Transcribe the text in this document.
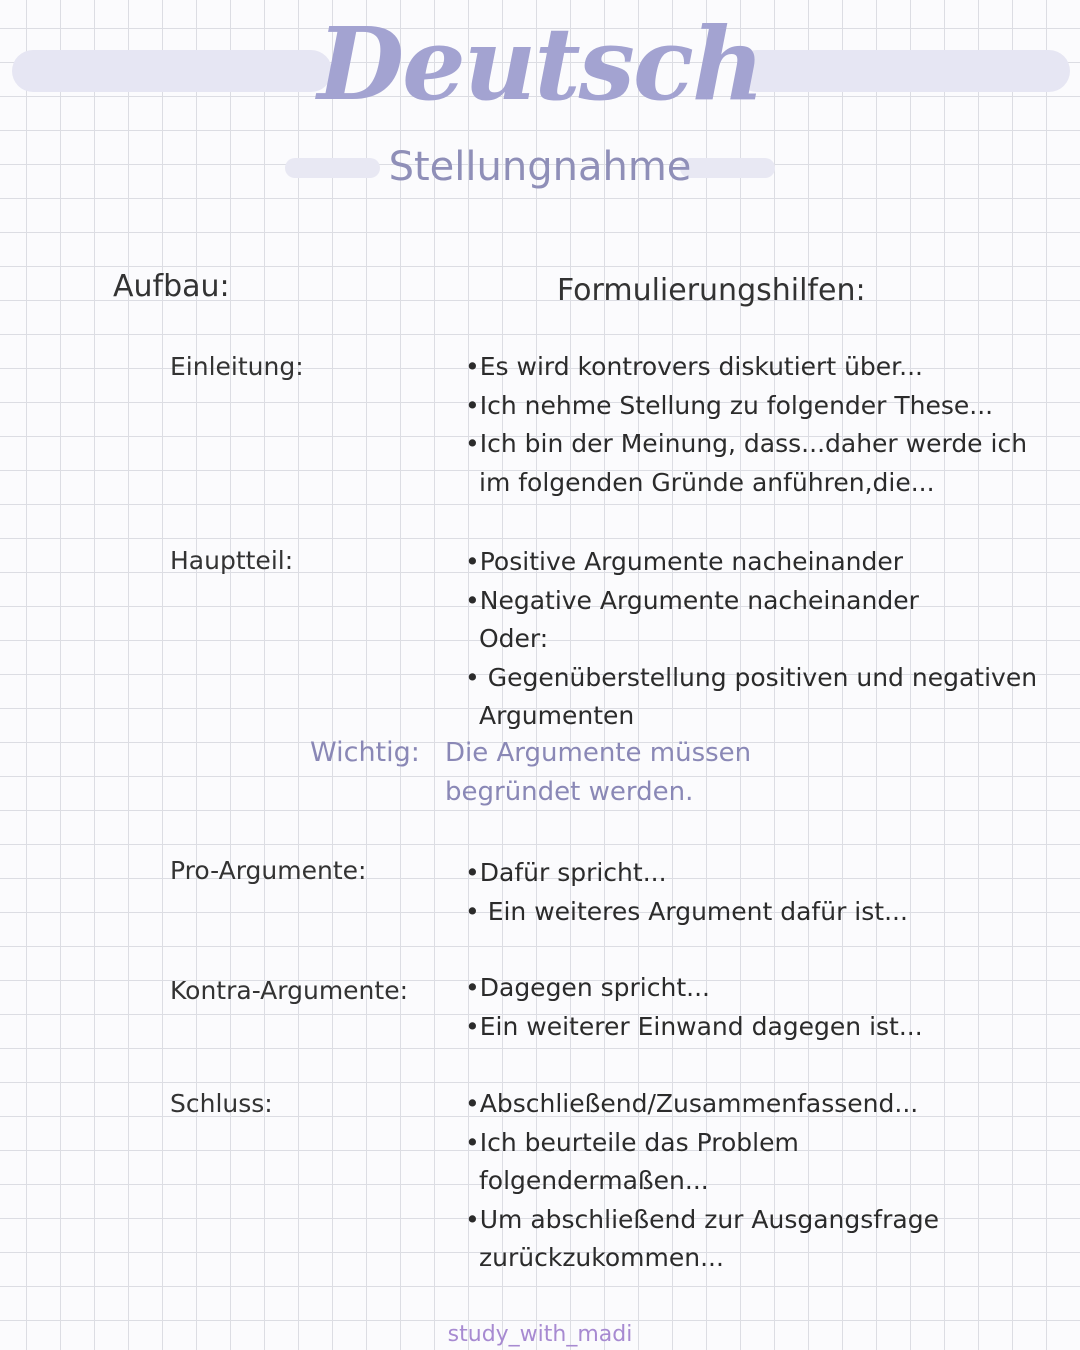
Deutsch
Stellungnahme
Aufbau:	Formulierungshilfen:
Einleitung:	•Es wird kontrovers diskutiert über...
•Ich nehme Stellung zu folgender These...
•Ich bin der Meinung, dass...daher werde ich
im folgenden Gründe anführen,die...
Hauptteil:	•Positive Argumente nacheinander
•Negative Argumente nacheinander
Oder:
• Gegenüberstellung positiven und negativen
Argumenten
Wichtig: Die Argumente müssen
begründet werden.
Pro-Argumente:	•Dafür spricht...
• Ein weiteres Argument dafür ist...
Kontra-Argumente: •Dagegen spricht...
•Ein weiterer Einwand dagegen ist...
Schluss:	•Abschließend/Zusammenfassend...
•Ich beurteile das Problem
folgendermaßen...
•Um abschließend zur Ausgangsfrage
zurückzukommen...
study_with_madi
